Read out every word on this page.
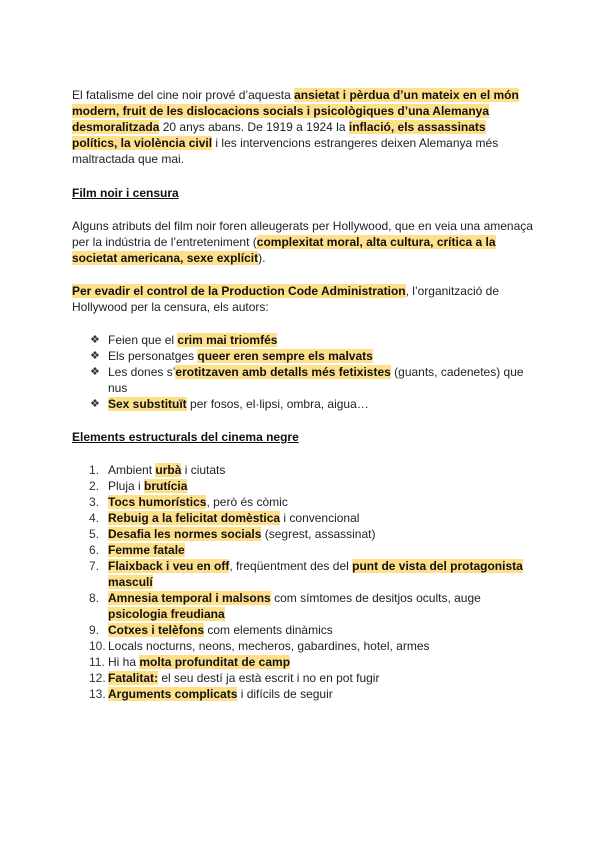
El fatalisme del cine noir prové d’aquesta ansietat i pèrdua d’un mateix en el món modern, fruit de les dislocacions socials i psicològiques d’una Alemanya desmoralitzada 20 anys abans. De 1919 a 1924 la inflació, els assassinats polítics, la violència civil i les intervencions estrangeres deixen Alemanya més maltractada que mai.

Film noir i censura

Alguns atributs del film noir foren alleugerats per Hollywood, que en veia una amenaça per la indústria de l’entreteniment (complexitat moral, alta cultura, crítica a la societat americana, sexe explícit).

Per evadir el control de la Production Code Administration, l’organització de Hollywood per la censura, els autors:

❖ Feien que el crim mai triomfés
❖ Els personatges queer eren sempre els malvats
❖ Les dones s’erotitzaven amb detalls més fetixistes (guants, cadenetes) que nus
❖ Sex substituït per fosos, el·lipsi, ombra, aigua…
Elements estructurals del cinema negre
1. Ambient urbà i ciutats
2. Pluja i brutícia
3. Tocs humorístics, però és còmic
4. Rebuig a la felicitat domèstica i convencional
5. Desafia les normes socials (segrest, assassinat)
6. Femme fatale
7. Flaixback i veu en off, freqüentment des del punt de vista del protagonista masculí
8. Amnesia temporal i malsons com símtomes de desitjos ocults, auge psicologia freudiana
9. Cotxes i telèfons com elements dinàmics
10. Locals nocturns, neons, mecheros, gabardines, hotel, armes
11. Hi ha molta profunditat de camp
12. Fatalitat: el seu destí ja està escrit i no en pot fugir
13. Arguments complicats i difícils de seguir
